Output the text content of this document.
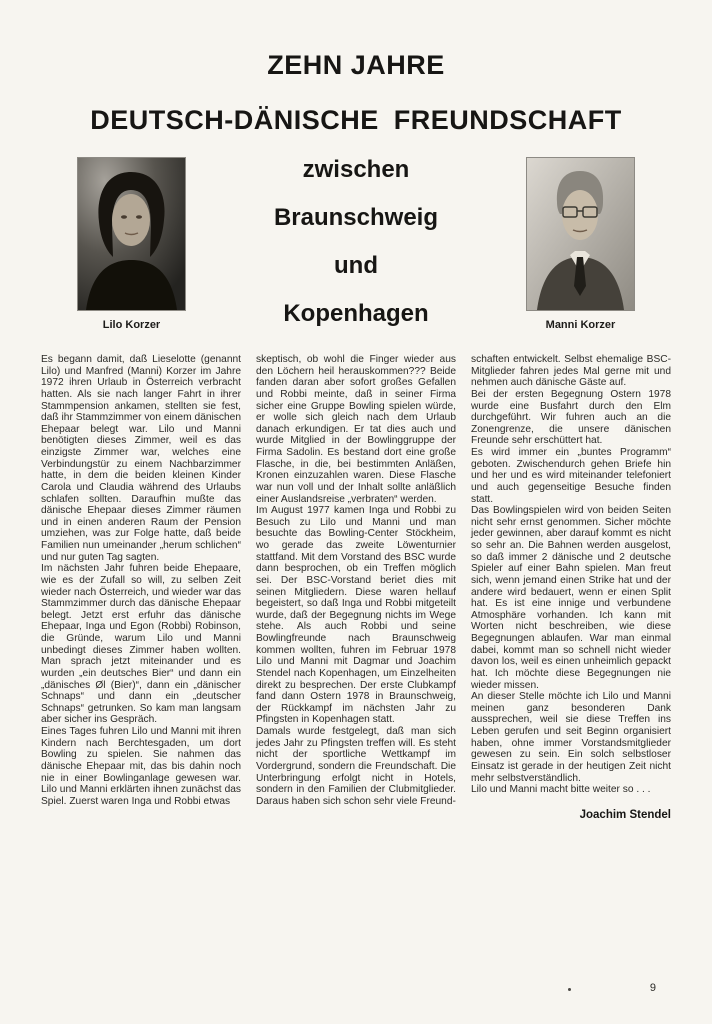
ZEHN JAHRE
DEUTSCH-DÄNISCHE FREUNDSCHAFT
Lilo Korzer
zwischen
Braunschweig
und
Kopenhagen	Manni Korzer

Es begann damit, daß Lieselotte (genannt Lilo) und Manfred (Manni) Korzer im Jahre 1972 ihren Urlaub in Österreich verbracht hatten. Als sie nach langer Fahrt in ihrer Stammpension ankamen, stellten sie fest, daß ihr Stammzimmer von einem dänischen Ehepaar belegt war. Lilo und Manni benötigten dieses Zimmer, weil es das einzigste Zimmer war, welches eine Verbindungstür zu einem Nachbarzimmer hatte, in dem die beiden kleinen Kinder Carola und Claudia während des Urlaubs schlafen sollten. Daraufhin mußte das dänische Ehepaar dieses Zimmer räumen und in einen anderen Raum der Pension umziehen, was zur Folge hatte, daß beide Familien nun umeinander „herum schlichen“ und nur guten Tag sagten.

Im nächsten Jahr fuhren beide Ehepaare, wie es der Zufall so will, zu selben Zeit wieder nach Österreich, und wieder war das Stammzimmer durch das dänische Ehepaar belegt. Jetzt erst erfuhr das dänische Ehepaar, Inga und Egon (Robbi) Robinson, die Gründe, warum Lilo und Manni unbedingt dieses Zimmer haben wollten. Man sprach jetzt miteinander und es wurden „ein deutsches Bier“ und dann ein „dänisches Øl (Bier)“, dann ein „dänischer Schnaps“ und dann ein „deutscher Schnaps“ getrunken. So kam man langsam aber sicher ins Gespräch.

Eines Tages fuhren Lilo und Manni mit ihren Kindern nach Berchtesgaden, um dort Bowling zu spielen. Sie nahmen das dänische Ehepaar mit, das bis dahin noch nie in einer Bowlinganlage gewesen war. Lilo und Manni erklärten ihnen zunächst das Spiel. Zuerst waren Inga und Robbi etwas

skeptisch, ob wohl die Finger wieder aus den Löchern heil herauskommen??? Beide fanden daran aber sofort großes Gefallen und Robbi meinte, daß in seiner Firma sicher eine Gruppe Bowling spielen würde, er wolle sich gleich nach dem Urlaub danach erkundigen. Er tat dies auch und wurde Mitglied in der Bowlinggruppe der Firma Sadolin. Es bestand dort eine große Flasche, in die, bei bestimmten Anläßen, Kronen einzuzahlen waren. Diese Flasche war nun voll und der Inhalt sollte anläßlich einer Auslandsreise „verbraten“ werden.

Im August 1977 kamen Inga und Robbi zu Besuch zu Lilo und Manni und man besuchte das Bowling-Center Stöckheim, wo gerade das zweite Löwenturnier stattfand. Mit dem Vorstand des BSC wurde dann besprochen, ob ein Treffen möglich sei. Der BSC-Vorstand beriet dies mit seinen Mitgliedern. Diese waren hellauf begeistert, so daß Inga und Robbi mitgeteilt wurde, daß der Begegnung nichts im Wege stehe. Als auch Robbi und seine Bowlingfreunde nach Braunschweig kommen wollten, fuhren im Februar 1978 Lilo und Manni mit Dagmar und Joachim Stendel nach Kopenhagen, um Einzelheiten direkt zu besprechen. Der erste Clubkampf fand dann Ostern 1978 in Braunschweig, der Rückkampf im nächsten Jahr zu Pfingsten in Kopenhagen statt.

Damals wurde festgelegt, daß man sich jedes Jahr zu Pfingsten treffen will. Es steht nicht der sportliche Wettkampf im Vordergrund, sondern die Freundschaft. Die Unterbringung erfolgt nicht in Hotels, sondern in den Familien der Clubmitglieder. Daraus haben sich schon sehr viele Freund-

schaften entwickelt. Selbst ehemalige BSC-Mitglieder fahren jedes Mal gerne mit und nehmen auch dänische Gäste auf.

Bei der ersten Begegnung Ostern 1978 wurde eine Busfahrt durch den Elm durchgeführt. Wir fuhren auch an die Zonengrenze, die unsere dänischen Freunde sehr erschüttert hat.

Es wird immer ein „buntes Programm“ geboten. Zwischendurch gehen Briefe hin und her und es wird miteinander telefoniert und auch gegenseitige Besuche finden statt.

Das Bowlingspielen wird von beiden Seiten nicht sehr ernst genommen. Sicher möchte jeder gewinnen, aber darauf kommt es nicht so sehr an. Die Bahnen werden ausgelost, so daß immer 2 dänische und 2 deutsche Spieler auf einer Bahn spielen. Man freut sich, wenn jemand einen Strike hat und der andere wird bedauert, wenn er einen Split hat. Es ist eine innige und verbundene Atmosphäre vorhanden. Ich kann mit Worten nicht beschreiben, wie diese Begegnungen ablaufen. War man einmal dabei, kommt man so schnell nicht wieder davon los, weil es einen unheimlich gepackt hat. Ich möchte diese Begegnungen nie wieder missen.

An dieser Stelle möchte ich Lilo und Manni meinen ganz besonderen Dank aussprechen, weil sie diese Treffen ins Leben gerufen und seit Beginn organisiert haben, ohne immer Vorstandsmitglieder gewesen zu sein. Ein solch selbstloser Einsatz ist gerade in der heutigen Zeit nicht mehr selbstverständlich.

Lilo und Manni macht bitte weiter so . . .

Joachim Stendel
9
